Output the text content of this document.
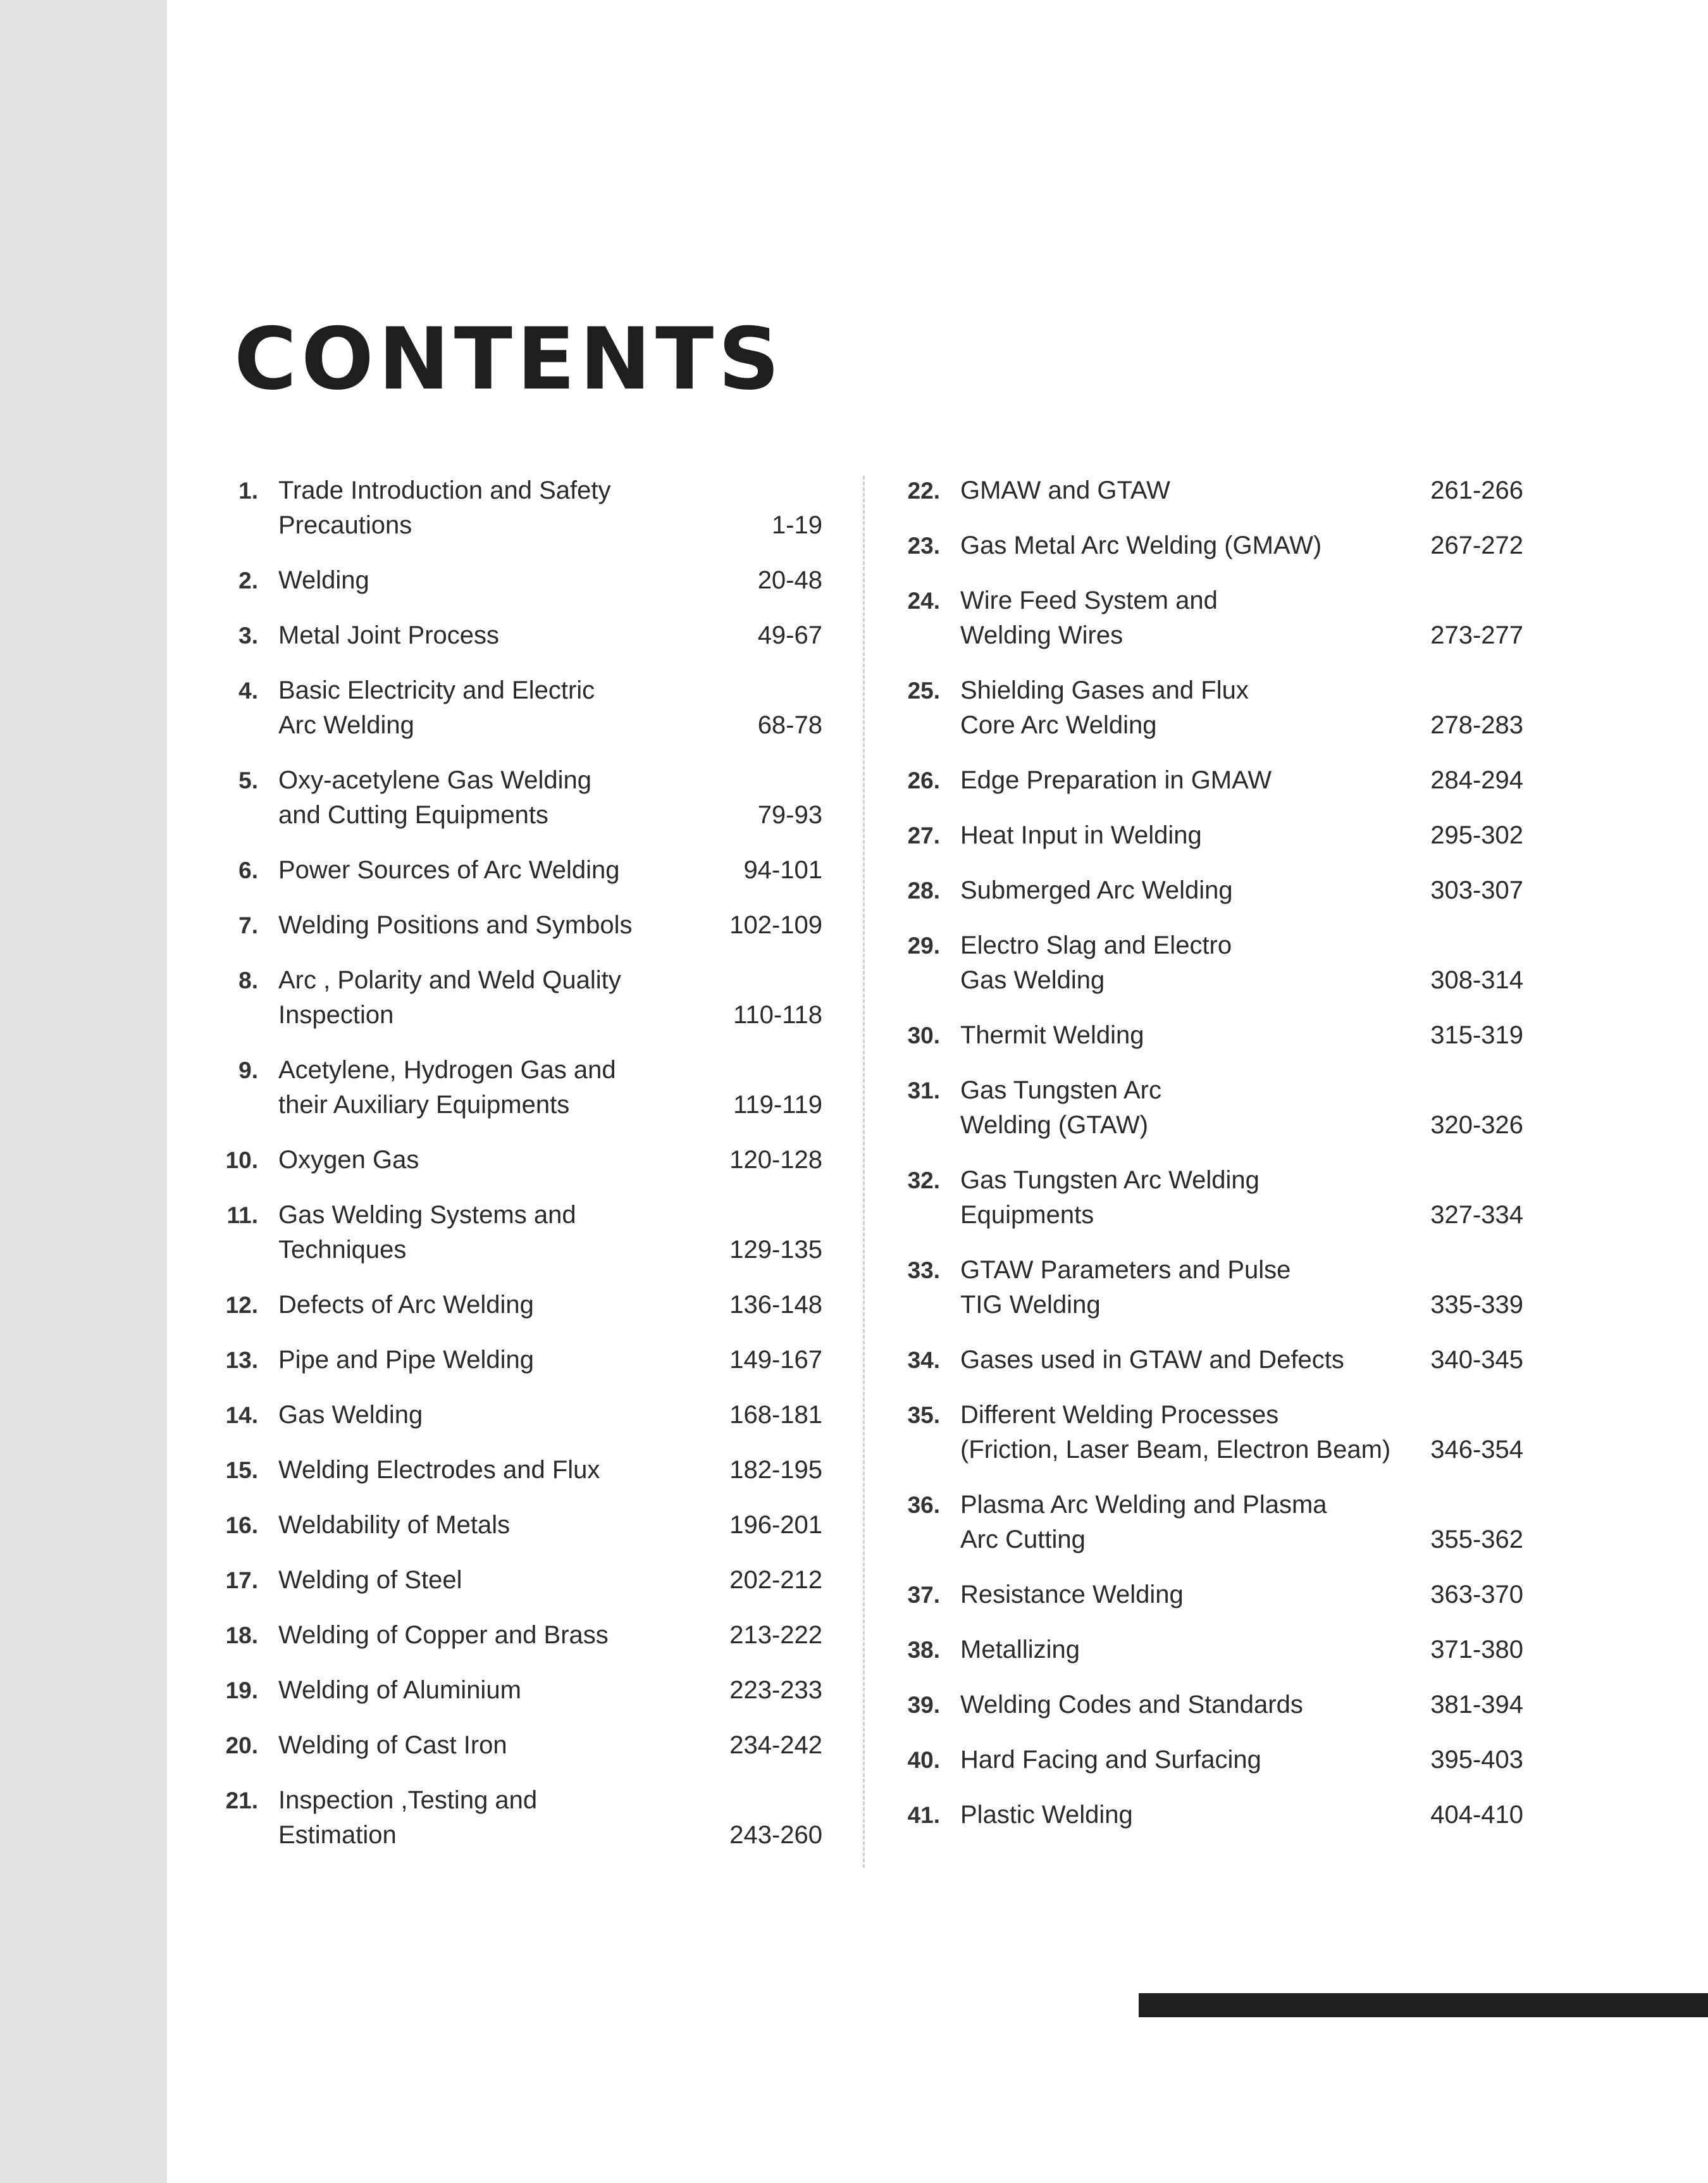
CONTENTS
1. Trade Introduction and Safety
Precautions	1-19
2. Welding	20-48
3. Metal Joint Process	49-67
4. Basic Electricity and Electric
Arc Welding	68-78
5. Oxy-acetylene Gas Welding
and Cutting Equipments	79-93
6. Power Sources of Arc Welding	94-101
7. Welding Positions and Symbols	102-109
8. Arc , Polarity and Weld Quality
Inspection	110-118
9. Acetylene, Hydrogen Gas and
their Auxiliary Equipments	119-119
10. Oxygen Gas	120-128
11. Gas Welding Systems and
Techniques	129-135
12. Defects of Arc Welding	136-148
13. Pipe and Pipe Welding	149-167
14. Gas Welding	168-181
15. Welding Electrodes and Flux	182-195
16. Weldability of Metals	196-201
17. Welding of Steel	202-212
18. Welding of Copper and Brass	213-222
19. Welding of Aluminium	223-233
20. Welding of Cast Iron	234-242
21. Inspection ,Testing and
Estimation	243-260
22. GMAW and GTAW	261-266
23. Gas Metal Arc Welding (GMAW)	267-272
24. Wire Feed System and
Welding Wires	273-277
25. Shielding Gases and Flux
Core Arc Welding	278-283
26. Edge Preparation in GMAW	284-294
27. Heat Input in Welding	295-302
28. Submerged Arc Welding	303-307
29. Electro Slag and Electro
Gas Welding	308-314
30. Thermit Welding	315-319
31. Gas Tungsten Arc
Welding (GTAW)	320-326
32. Gas Tungsten Arc Welding
Equipments	327-334
33. GTAW Parameters and Pulse
TIG Welding	335-339
34. Gases used in GTAW and Defects	340-345
35. Different Welding Processes
(Friction, Laser Beam, Electron Beam) 346-354
36. Plasma Arc Welding and Plasma
Arc Cutting	355-362
37. Resistance Welding	363-370
38. Metallizing	371-380
39. Welding Codes and Standards	381-394
40. Hard Facing and Surfacing	395-403
41. Plastic Welding	404-410
